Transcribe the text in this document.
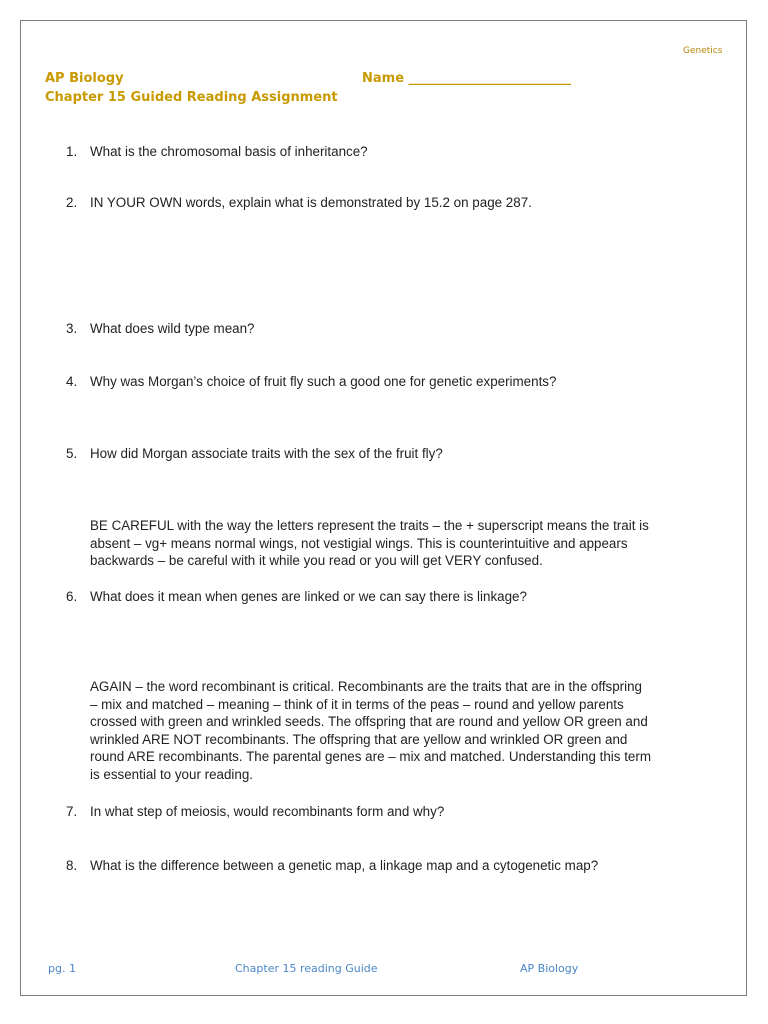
Genetics
AP Biology	Name _________________________
Chapter 15 Guided Reading Assignment
1. What is the chromosomal basis of inheritance?
2. IN YOUR OWN words, explain what is demonstrated by 15.2 on page 287.
3. What does wild type mean?
4. Why was Morgan’s choice of fruit fly such a good one for genetic experiments?
5. How did Morgan associate traits with the sex of the fruit fly?
BE CAREFUL with the way the letters represent the traits – the + superscript means the trait is
absent – vg+ means normal wings, not vestigial wings. This is counterintuitive and appears
backwards – be careful with it while you read or you will get VERY confused.
6. What does it mean when genes are linked or we can say there is linkage?
AGAIN – the word recombinant is critical. Recombinants are the traits that are in the offspring
– mix and matched – meaning – think of it in terms of the peas – round and yellow parents
crossed with green and wrinkled seeds. The offspring that are round and yellow OR green and
wrinkled ARE NOT recombinants. The offspring that are yellow and wrinkled OR green and
round ARE recombinants. The parental genes are – mix and matched. Understanding this term
is essential to your reading.
7. In what step of meiosis, would recombinants form and why?
8. What is the difference between a genetic map, a linkage map and a cytogenetic map?
pg. 1	Chapter 15 reading Guide	AP Biology
